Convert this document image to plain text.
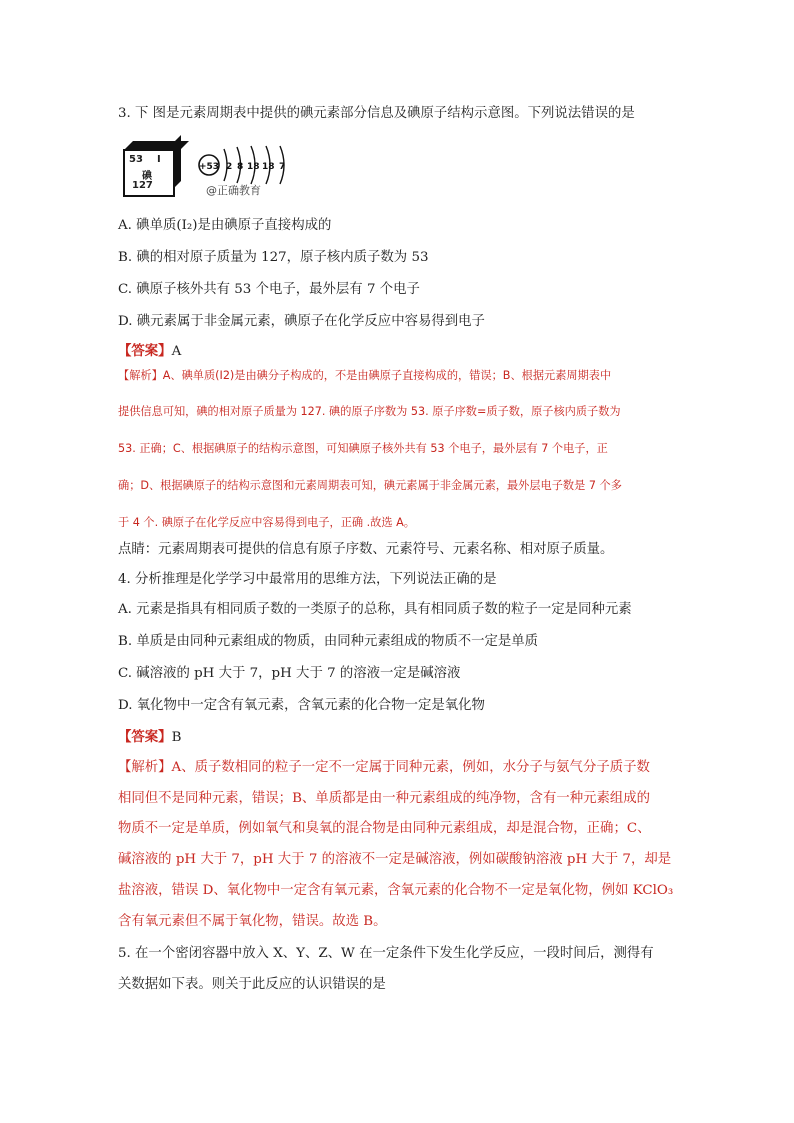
3. 下 图是元素周期表中提供的碘元素部分信息及碘原子结构示意图。下列说法错误的是
53 I
碘
127
+53 2 8 18 18 7
@正确教育
A. 碘单质(I₂)是由碘原子直接构成的
B. 碘的相对原子质量为 127，原子核内质子数为 53
C. 碘原子核外共有 53 个电子，最外层有 7 个电子
D. 碘元素属于非金属元素，碘原子在化学反应中容易得到电子
【答案】A
【解析】A、碘单质(I2)是由碘分子构成的，不是由碘原子直接构成的，错误；B、根据元素周期表中
提供信息可知，碘的相对原子质量为 127. 碘的原子序数为 53. 原子序数=质子数，原子核内质子数为
53. 正确；C、根据碘原子的结构示意图，可知碘原子核外共有 53 个电子，最外层有 7 个电子，正
确；D、根据碘原子的结构示意图和元素周期表可知，碘元素属于非金属元素，最外层电子数是 7 个多
于 4 个. 碘原子在化学反应中容易得到电子，正确 .故选 A。
点睛：元素周期表可提供的信息有原子序数、元素符号、元素名称、相对原子质量。
4. 分析推理是化学学习中最常用的思维方法，下列说法正确的是
A. 元素是指具有相同质子数的一类原子的总称，具有相同质子数的粒子一定是同种元素
B. 单质是由同种元素组成的物质，由同种元素组成的物质不一定是单质
C. 碱溶液的 pH 大于 7，pH 大于 7 的溶液一定是碱溶液
D. 氧化物中一定含有氧元素，含氧元素的化合物一定是氧化物
【答案】B
【解析】A、质子数相同的粒子一定不一定属于同种元素，例如，水分子与氨气分子质子数
相同但不是同种元素，错误；B、单质都是由一种元素组成的纯净物，含有一种元素组成的
物质不一定是单质，例如氧气和臭氧的混合物是由同种元素组成，却是混合物，正确；C、
碱溶液的 pH 大于 7，pH 大于 7 的溶液不一定是碱溶液，例如碳酸钠溶液 pH 大于 7，却是
盐溶液，错误 D、氧化物中一定含有氧元素，含氧元素的化合物不一定是氧化物，例如 KClO₃
含有氧元素但不属于氧化物，错误。故选 B。
5. 在一个密闭容器中放入 X、Y、Z、W 在一定条件下发生化学反应，一段时间后，测得有
关数据如下表。则关于此反应的认识错误的是
